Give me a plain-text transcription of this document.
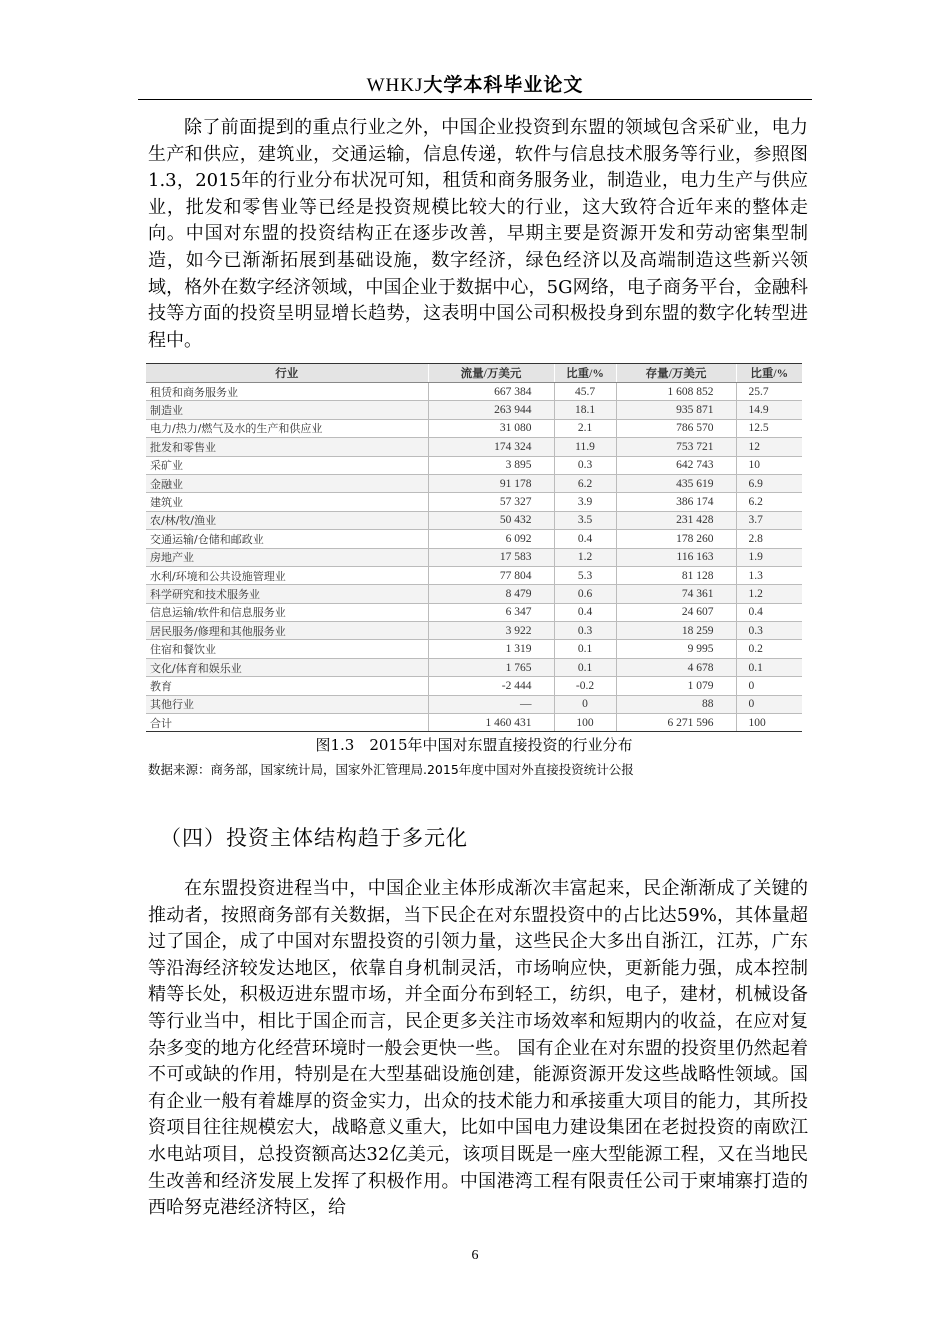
WHKJ大学本科毕业论文

除了前面提到的重点行业之外，中国企业投资到东盟的领域包含采矿业，电力生产和供应，建筑业，交通运输，信息传递，软件与信息技术服务等行业，参照图1.3，2015年的行业分布状况可知，租赁和商务服务业，制造业，电力生产与供应业，批发和零售业等已经是投资规模比较大的行业，这大致符合近年来的整体走向。中国对东盟的投资结构正在逐步改善，早期主要是资源开发和劳动密集型制造，如今已渐渐拓展到基础设施，数字经济，绿色经济以及高端制造这些新兴领域，格外在数字经济领域，中国企业于数据中心，5G网络，电子商务平台，金融科技等方面的投资呈明显增长趋势，这表明中国公司积极投身到东盟的数字化转型进程中。

行业	流量/万美元	比重/%	存量/万美元	比重/%
租赁和商务服务业	667 384	45.7	1 608 852	25.7
制造业	263 944	18.1	935 871	14.9
电力/热力/燃气及水的生产和供应业	31 080	2.1	786 570	12.5
批发和零售业	174 324	11.9	753 721	12
采矿业	3 895	0.3	642 743	10
金融业	91 178	6.2	435 619	6.9
建筑业	57 327	3.9	386 174	6.2
农/林/牧/渔业	50 432	3.5	231 428	3.7
交通运输/仓储和邮政业	6 092	0.4	178 260	2.8
房地产业	17 583	1.2	116 163	1.9
水利/环境和公共设施管理业	77 804	5.3	81 128	1.3
科学研究和技术服务业	8 479	0.6	74 361	1.2
信息运输/软件和信息服务业	6 347	0.4	24 607	0.4
居民服务/修理和其他服务业	3 922	0.3	18 259	0.3
住宿和餐饮业	1 319	0.1	9 995	0.2
文化/体育和娱乐业	1 765	0.1	4 678	0.1
教育	-2 444	-0.2	1 079	0
其他行业	—	0	88	0
合计	1 460 431	100	6 271 596	100
图1.3　2015年中国对东盟直接投资的行业分布
数据来源：商务部，国家统计局，国家外汇管理局.2015年度中国对外直接投资统计公报
（四）投资主体结构趋于多元化

在东盟投资进程当中，中国企业主体形成渐次丰富起来，民企渐渐成了关键的推动者，按照商务部有关数据，当下民企在对东盟投资中的占比达59%，其体量超过了国企，成了中国对东盟投资的引领力量，这些民企大多出自浙江，江苏，广东等沿海经济较发达地区，依靠自身机制灵活，市场响应快，更新能力强，成本控制精等长处，积极迈进东盟市场，并全面分布到轻工，纺织，电子，建材，机械设备等行业当中，相比于国企而言，民企更多关注市场效率和短期内的收益，在应对复杂多变的地方化经营环境时一般会更快一些。 国有企业在对东盟的投资里仍然起着不可或缺的作用，特别是在大型基础设施创建，能源资源开发这些战略性领域。国有企业一般有着雄厚的资金实力，出众的技术能力和承接重大项目的能力，其所投资项目往往规模宏大，战略意义重大，比如中国电力建设集团在老挝投资的南欧江水电站项目，总投资额高达32亿美元，该项目既是一座大型能源工程，又在当地民生改善和经济发展上发挥了积极作用。中国港湾工程有限责任公司于柬埔寨打造的西哈努克港经济特区，给

6
